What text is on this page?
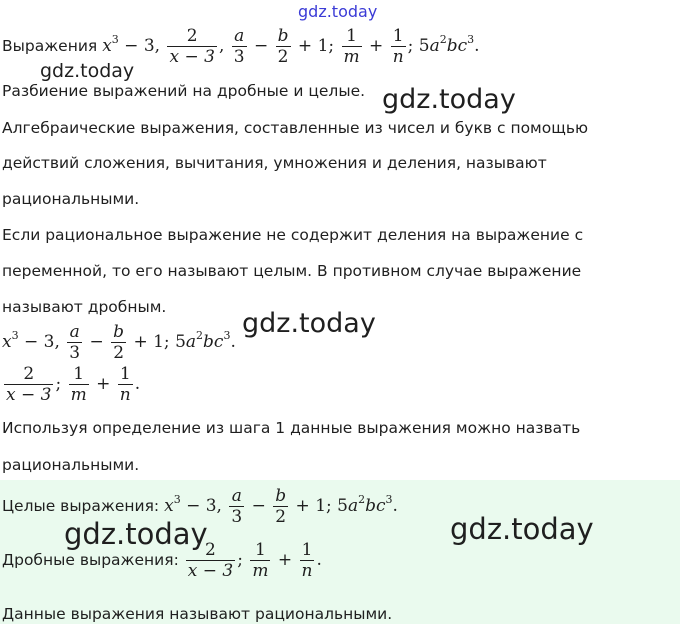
gdz.today
gdz.today
gdz.today
gdz.today
gdz.today	gdz.today
Выражения $x^3 - 3$, $\frac{2}{x - 3}$ , $\frac{a}{3} - \frac{b}{2} + 1$; $\frac{1}{m} + \frac{1}{n}$ ; $5a^2bc^3$.
Разбиение выражений на дробные и целые.
Алгебраические выражения, составленные из чисел и букв с помощью
действий сложения, вычитания, умножения и деления, называют
рациональными.
Если рациональное выражение не содержит деления на выражение с
переменной, то его называют целым. В противном случае выражение
называют дробным.
$x^3 - 3$, $\frac{a}{3} - \frac{b}{2} + 1$; $5a^2bc^3$.
$\frac{2}{x - 3}$ ; $\frac{1}{m} + \frac{1}{n}$ .
Используя определение из шага 1 данные выражения можно назвать
рациональными.
Целые выражения: $x^3 - 3$, $\frac{a}{3} - \frac{b}{2} + 1$; $5a^2bc^3$.
Дробные выражения: $\frac{2}{x - 3}$ ; $\frac{1}{m} + \frac{1}{n}$ .
Данные выражения называют рациональными.
